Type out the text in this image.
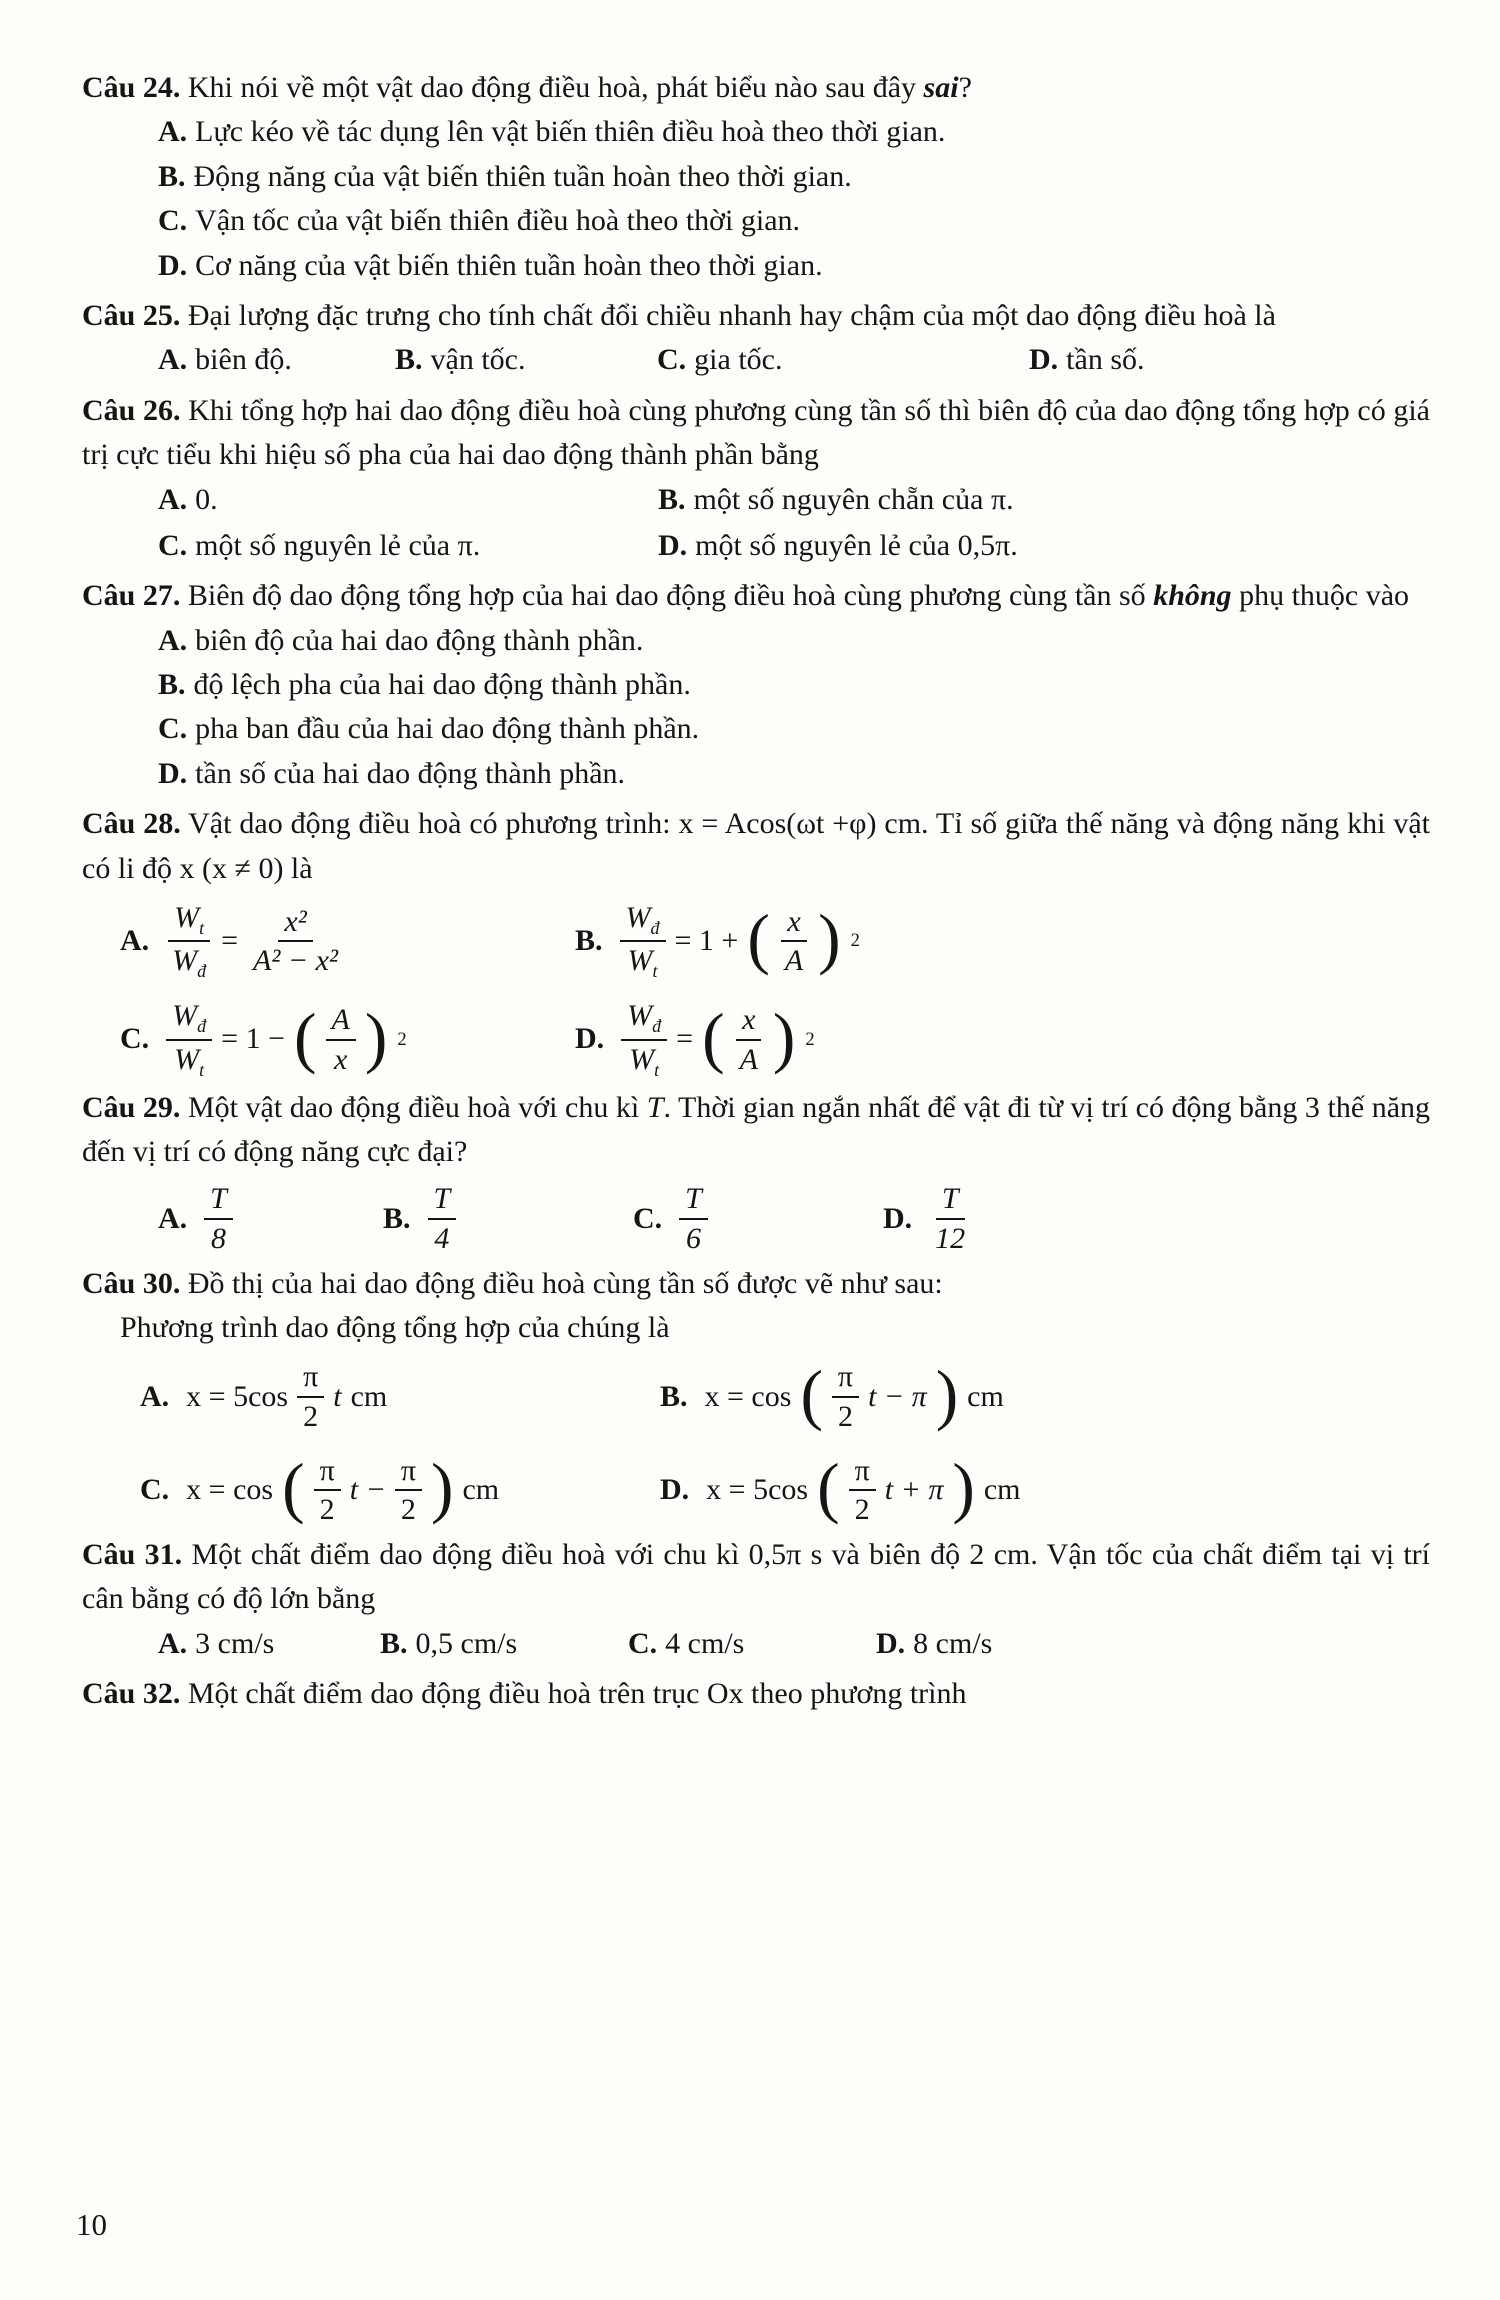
Câu 24. Khi nói về một vật dao động điều hoà, phát biểu nào sau đây sai?

A. Lực kéo về tác dụng lên vật biến thiên điều hoà theo thời gian.

B. Động năng của vật biến thiên tuần hoàn theo thời gian.

C. Vận tốc của vật biến thiên điều hoà theo thời gian.

D. Cơ năng của vật biến thiên tuần hoàn theo thời gian.

Câu 25. Đại lượng đặc trưng cho tính chất đổi chiều nhanh hay chậm của một dao động điều hoà là

A. biên độ.	B. vận tốc.	C. gia tốc.	D. tần số.

Câu 26. Khi tổng hợp hai dao động điều hoà cùng phương cùng tần số thì biên độ của dao động tổng hợp có giá trị cực tiểu khi hiệu số pha của hai dao động thành phần bằng

A. 0.	B. một số nguyên chẵn của π.

C. một số nguyên lẻ của π.	D. một số nguyên lẻ của 0,5π.

Câu 27. Biên độ dao động tổng hợp của hai dao động điều hoà cùng phương cùng tần số không phụ thuộc vào

A. biên độ của hai dao động thành phần.

B. độ lệch pha của hai dao động thành phần.

C. pha ban đầu của hai dao động thành phần.

D. tần số của hai dao động thành phần.

Câu 28. Vật dao động điều hoà có phương trình: x = Acos(ωt +φ) cm. Tỉ số giữa thế năng và động năng khi vật có li độ x (x ≠ 0) là

A. $\frac{W_t}{W_đ} = \frac{\text{x²}}{\text{A² − x²}}$	B. $\frac{W_đ}{W_t} = 1$ + ( $\frac{x}{A}$ ) 2
C. $\frac{W_đ}{W_t} = 1$ − ( $\frac{A}{x}$ ) 2	D. $\frac{W_đ}{W_t}$ = ( $\frac{x}{A}$ ) 2

Câu 29. Một vật dao động điều hoà với chu kì T. Thời gian ngắn nhất để vật đi từ vị trí có động bằng 3 thế năng đến vị trí có động năng cực đại?

A. $\frac{T}{8}$	B. $\frac{T}{4}$	C. $\frac{T}{6}$	D. $\frac{T}{12}$

Câu 30. Đồ thị của hai dao động điều hoà cùng tần số được vẽ như sau:

Phương trình dao động tổng hợp của chúng là

A. $x = 5\cos \frac{\pi}{2}$ t cm	B. x = cos ( $\frac{\pi}{2}$ t − π ) cm
C. x = cos ( $\frac{\pi}{2}$ $t - \frac{\pi}{2}$ ) cm	D. x = 5cos ( $\frac{\pi}{2}$ t + π ) cm

Câu 31. Một chất điểm dao động điều hoà với chu kì 0,5π s và biên độ 2 cm. Vận tốc của chất điểm tại vị trí cân bằng có độ lớn bằng

A. 3 cm/s	B. 0,5 cm/s	C. 4 cm/s	D. 8 cm/s

Câu 32. Một chất điểm dao động điều hoà trên trục Ox theo phương trình

10
